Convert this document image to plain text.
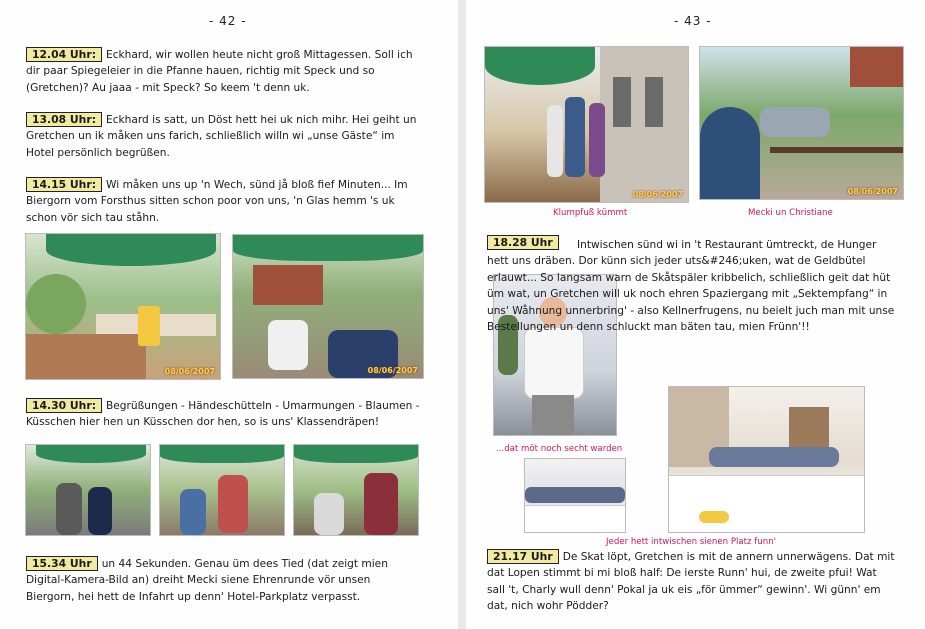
- 42 -

12.04 Uhr: Eckhard, wir wollen heute nicht groß Mittagessen. Soll ich dir paar Spiegeleier in die Pfanne hauen, richtig mit Speck und so (Gretchen)? Au jaaa - mit Speck? So keem 't denn uk.

13.08 Uhr: Eckhard is satt, un Döst hett hei uk nich mihr. Hei geiht un Gretchen un ik måken uns farich, schließlich willn wi „unse Gäste“ im Hotel persönlich begrüßen.

14.15 Uhr: Wi måken uns up 'n Wech, sünd jå bloß fief Minuten... Im Biergorn vom Forsthus sitten schon poor von uns, 'n Glas hemm 's uk schon vör sich tau ståhn.

08/06/2007	08/06/2007

14.30 Uhr: Begrüßungen - Händeschütteln - Umarmungen - Blaumen - Küsschen hier hen un Küsschen dor hen, so is uns' Klassendräpen!

15.34 Uhr un 44 Sekunden. Genau üm dees Tied (dat zeigt mien Digital-Kamera-Bild an) dreiht Mecki siene Ehrenrunde vör unsen Biergorn, hei hett de Infahrt up denn' Hotel-Parkplatz verpasst.

- 43 -
08/06/2007	08/06/2007
Klumpfuß kümmt	Mecki un Christiane

18.28 Uhr	Intwischen sünd wi in 't Restaurant ümtreckt, de Hunger hett uns dräben. Dor künn sich jeder uts&#246;uken, wat de Geldbütel erlauwt... So langsam warn de Skåtspäler kribbelich, schließlich geit dat hüt üm wat, un Gretchen will uk noch ehren Spaziergang mit „Sektempfang“ in uns' Wåhnung unnerbring' - also Kellnerfrugens, nu beielt juch man mit unse Bestellungen un denn schluckt man bäten tau, mien Frünn'!!

...dat möt noch secht warden
Jeder hett intwischen sienen Platz funn'

21.17 Uhr De Skat löpt, Gretchen is mit de annern unnerwägens. Dat mit dat Lopen stimmt bi mi bloß half: De ierste Runn' hui, de zweite pfui! Wat sall 't, Charly wull denn' Pokal ja uk eis „för ümmer“ gewinn'. Wi günn' em dat, nich wohr Pödder?
